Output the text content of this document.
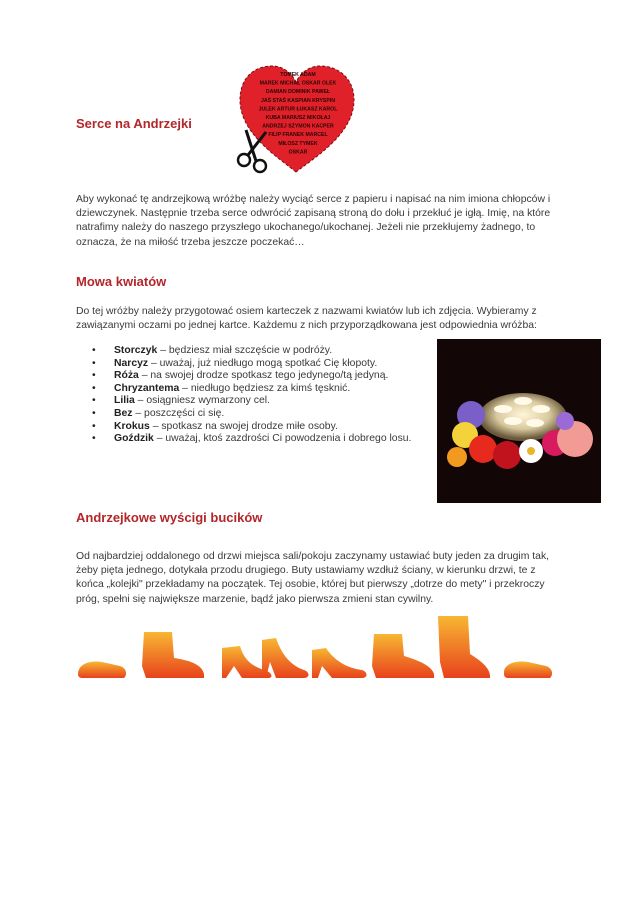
Serce na Andrzejki
TOMEK ADAM
MAREK MICHAŁ OSKAR OLEK
DAMIAN DOMINIK PAWEŁ
JAŚ STAŚ KASPIAN KRYSPIN
JULEK ARTUR ŁUKASZ KAROL
KUBA MARIUSZ MIKOŁAJ
ANDRZEJ SZYMON KACPER
FILIP FRANEK MARCEL
MIŁOSZ TYMEK
OSKAR

Aby wykonać tę andrzejkową wróżbę należy wyciąć serce z papieru i napisać na nim imiona chłopców i dziewczynek. Następnie trzeba serce odwrócić zapisaną stroną do dołu i przekłuć je igłą. Imię, na które natrafimy należy do naszego przyszłego ukochanego/ukochanej. Jeżeli nie przekłujemy żadnego, to oznacza, że na miłość trzeba jeszcze poczekać…

Mowa kwiatów

Do tej wróżby należy przygotować osiem karteczek z nazwami kwiatów lub ich zdjęcia. Wybieramy z zawiązanymi oczami po jednej kartce. Każdemu z nich przyporządkowana jest odpowiednia wróżba:

• Storczyk – będziesz miał szczęście w podróży.
• Narcyz – uważaj, już niedługo mogą spotkać Cię kłopoty.
• Róża – na swojej drodze spotkasz tego jedynego/tą jedyną.
• Chryzantema – niedługo będziesz za kimś tęsknić.
• Lilia – osiągniesz wymarzony cel.
• Bez – poszczęści ci się.
• Krokus – spotkasz na swojej drodze miłe osoby.
• Goździk – uważaj, ktoś zazdrości Ci powodzenia i dobrego losu.
Andrzejkowe wyścigi bucików

Od najbardziej oddalonego od drzwi miejsca sali/pokoju zaczynamy ustawiać buty jeden za drugim tak, żeby pięta jednego, dotykała przodu drugiego. Buty ustawiamy wzdłuż ściany, w kierunku drzwi, te z końca „kolejki" przekładamy na początek. Tej osobie, której but pierwszy „dotrze do mety" i przekroczy próg, spełni się największe marzenie, bądź jako pierwsza zmieni stan cywilny.
